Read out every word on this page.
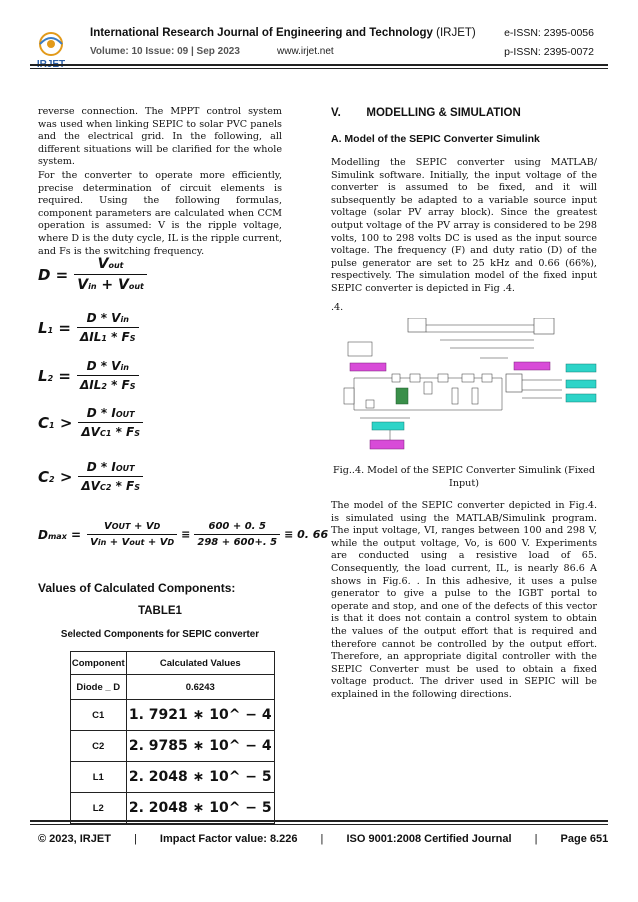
International Research Journal of Engineering and Technology (IRJET)
Volume: 10 Issue: 09 | Sep 2023	www.irjet.net
e-ISSN: 2395-0056
p-ISSN: 2395-0072

reverse connection. The MPPT control system was used when linking SEPIC to solar PVC panels and the electrical grid. In the following, all different situations will be clarified for the whole system.

For the converter to operate more efficiently, precise determination of circuit elements is required. Using the following formulas, component parameters are calculated when CCM operation is assumed: V is the ripple voltage, where D is the duty cycle, IL is the ripple current, and Fs is the switching frequency.

$D = \frac{\text{Vout}}{\text{Vin + Vout}}$
$L1 = \frac{\text{D * Vin}}{\text{ΔIL1 * FS}}$
$L2 = \frac{\text{D * Vin}}{\text{ΔIL2 * FS}}$
$C1 > \frac{\text{D * IOUT}}{\text{ΔVC1 * FS}}$
$C2 > \frac{\text{D * IOUT}}{\text{ΔVC2 * FS}}$
$Dmax = \frac{\text{VOUT + VD}}{\text{Vin + Vout + VD}} \equiv \frac{600 + 0. 5}{298 + 600+. 5} \equiv 0$. 66
Values of Calculated Components:
TABLE1
Selected Components for SEPIC converter
Component	Calculated Values
Diode _ D	0.6243
C1	1. 7921 ∗ 10^ − 4
C2	2. 9785 ∗ 10^ − 4
L1	2. 2048 ∗ 10^ − 5
L2	2. 2048 ∗ 10^ − 5
V.        MODELLING & SIMULATION
A. Model of the SEPIC Converter Simulink

Modelling the SEPIC converter using MATLAB/ Simulink software. Initially, the input voltage of the converter is assumed to be fixed, and it will subsequently be adapted to a variable source input voltage (solar PV array block). Since the greatest output voltage of the PV array is considered to be 298 volts, 100 to 298 volts DC is used as the input source voltage. The frequency (F) and duty ratio (D) of the pulse generator are set to 25 kHz and 0.66 (66%), respectively. The simulation model of the fixed input SEPIC converter is depicted in Fig .4.

.4.
Fig..4. Model of the SEPIC Converter Simulink (Fixed Input)

The model of the SEPIC converter depicted in Fig.4. is simulated using the MATLAB/Simulink program. The input voltage, VI, ranges between 100 and 298 V, while the output voltage, Vo, is 600 V. Experiments are conducted using a resistive load of 65. Consequently, the load current, IL, is nearly 86.6 A shows in Fig.6. . In this adhesive, it uses a pulse generator to give a pulse to the IGBT portal to operate and stop, and one of the defects of this vector is that it does not contain a control system to obtain the values of the output effort that is required and therefore cannot be controlled by the output effort. Therefore, an appropriate digital controller with the SEPIC Converter must be used to obtain a fixed voltage product. The driver used in SEPIC will be explained in the following directions.

© 2023, IRJET | Impact Factor value: 8.226 | ISO 9001:2008 Certified Journal | Page 651
